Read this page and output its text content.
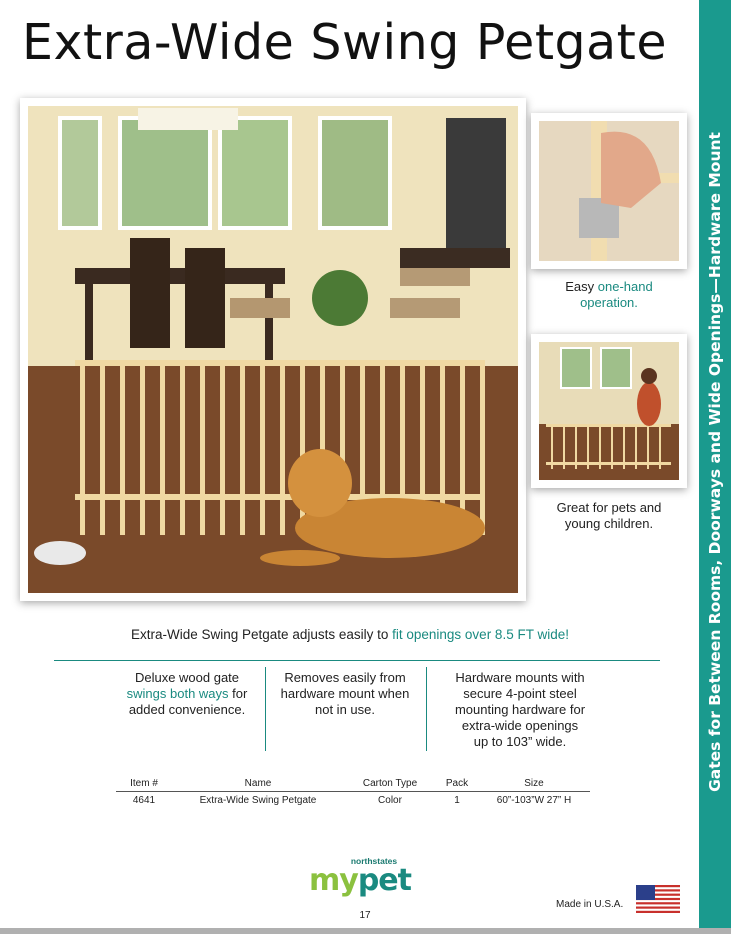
Extra-Wide Swing Petgate
Easy one-hand
operation.
Great for pets and
young children.
Extra-Wide Swing Petgate adjusts easily to fit openings over 8.5 FT wide!
Deluxe wood gate
swings both ways for
added convenience.
Removes easily from
hardware mount when
not in use.
Hardware mounts with
secure 4-point steel
mounting hardware for
extra-wide openings
up to 103” wide.
Item #	Name	Carton Type	Pack	Size
4641	Extra-Wide Swing Petgate	Color	1	60”-103”W 27” H
northstates
mypet
17
Made in U.S.A.
Gates for Between Rooms, Doorways and Wide Openings—Hardware Mount
